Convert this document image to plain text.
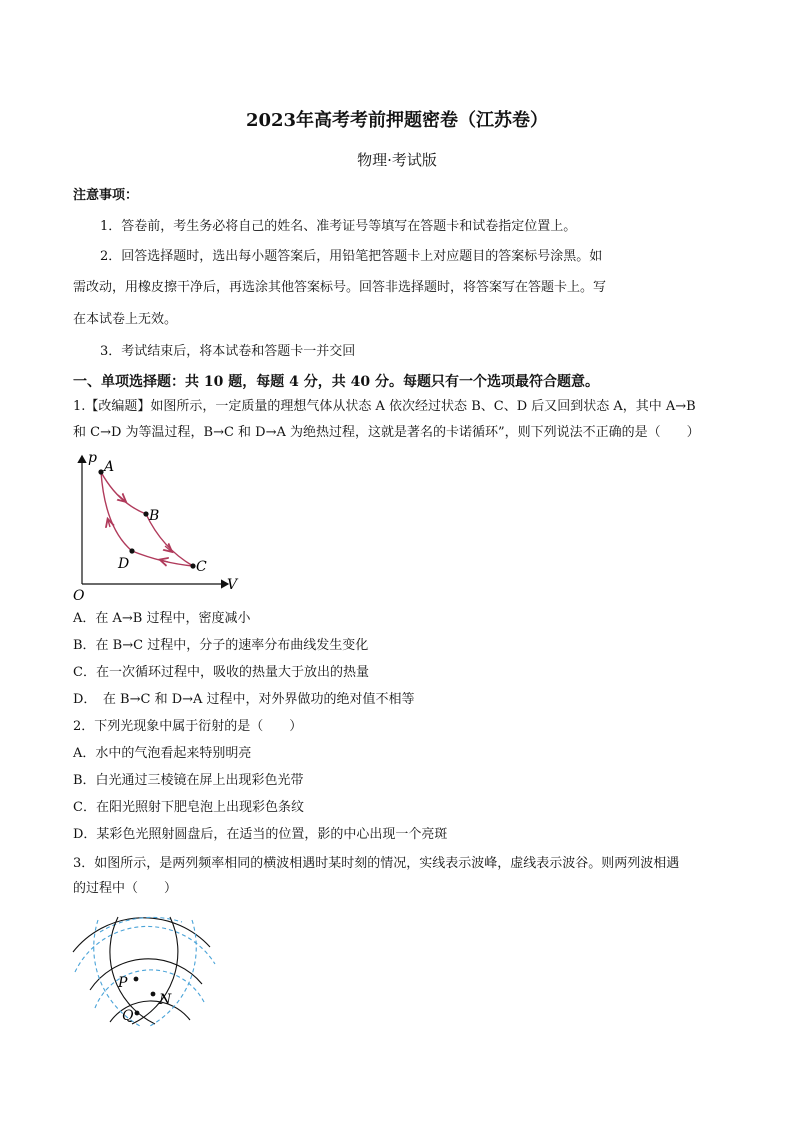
2023年高考考前押题密卷（江苏卷）
物理·考试版
注意事项：
1．答卷前，考生务必将自己的姓名、准考证号等填写在答题卡和试卷指定位置上。
2．回答选择题时，选出每小题答案后，用铅笔把答题卡上对应题目的答案标号涂黑。如
需改动，用橡皮擦干净后，再选涂其他答案标号。回答非选择题时，将答案写在答题卡上。写
在本试卷上无效。
3．考试结束后，将本试卷和答题卡一并交回
一、单项选择题：共 10 题，每题 4 分，共 40 分。每题只有一个选项最符合题意。
1.【改编题】如图所示，一定质量的理想气体从状态 A 依次经过状态 B、C、D 后又回到状态 A，其中 A→B
和 C→D 为等温过程，B→C 和 D→A 为绝热过程，这就是著名的卡诺循环”，则下列说法不正确的是（　　）
p
V
O
A
B
C
D
A．在 A→B 过程中，密度减小
B．在 B→C 过程中，分子的速率分布曲线发生变化
C．在一次循环过程中，吸收的热量大于放出的热量
D．　在 B→C 和 D→A 过程中，对外界做功的绝对值不相等
2．下列光现象中属于衍射的是（　　）
A．水中的气泡看起来特别明亮
B．白光通过三棱镜在屏上出现彩色光带
C．在阳光照射下肥皂泡上出现彩色条纹
D．某彩色光照射圆盘后，在适当的位置，影的中心出现一个亮斑
3．如图所示，是两列频率相同的横波相遇时某时刻的情况，实线表示波峰，虚线表示波谷。则两列波相遇
的过程中（　　）
P
N
Q
